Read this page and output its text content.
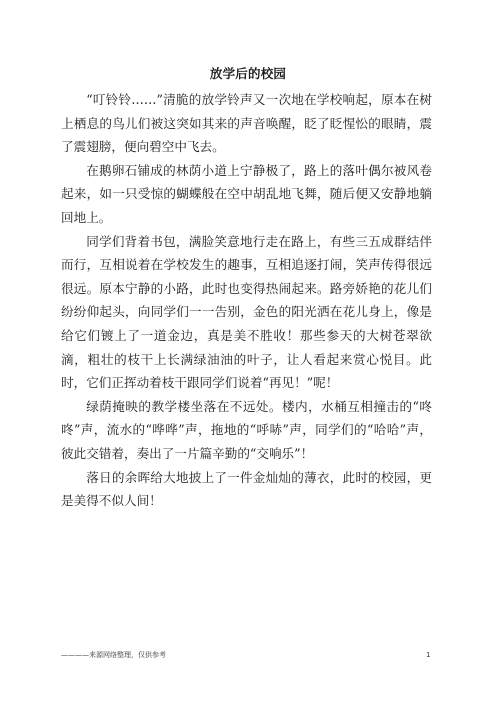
放学后的校园

“叮铃铃……”清脆的放学铃声又一次地在学校响起，原本在树上栖息的鸟儿们被这突如其来的声音唤醒，眨了眨惺忪的眼睛，震了震翅膀，便向碧空中飞去。

在鹅卵石铺成的林荫小道上宁静极了，路上的落叶偶尔被风卷起来，如一只受惊的蝴蝶般在空中胡乱地飞舞，随后便又安静地躺回地上。

同学们背着书包，满脸笑意地行走在路上，有些三五成群结伴而行，互相说着在学校发生的趣事，互相追逐打闹，笑声传得很远很远。原本宁静的小路，此时也变得热闹起来。路旁娇艳的花儿们纷纷仰起头，向同学们一一告别，金色的阳光洒在花儿身上，像是给它们镀上了一道金边，真是美不胜收！那些参天的大树苍翠欲滴，粗壮的枝干上长满绿油油的叶子，让人看起来赏心悦目。此时，它们正挥动着枝干跟同学们说着“再见！”呢！

绿荫掩映的教学楼坐落在不远处。楼内，水桶互相撞击的“咚咚”声，流水的“哗哗”声，拖地的“呼哧”声，同学们的“哈哈”声，彼此交错着，奏出了一片篇辛勤的“交响乐”！

落日的余晖给大地披上了一件金灿灿的薄衣，此时的校园，更是美得不似人间！

————来源网络整理，仅供参考	1
